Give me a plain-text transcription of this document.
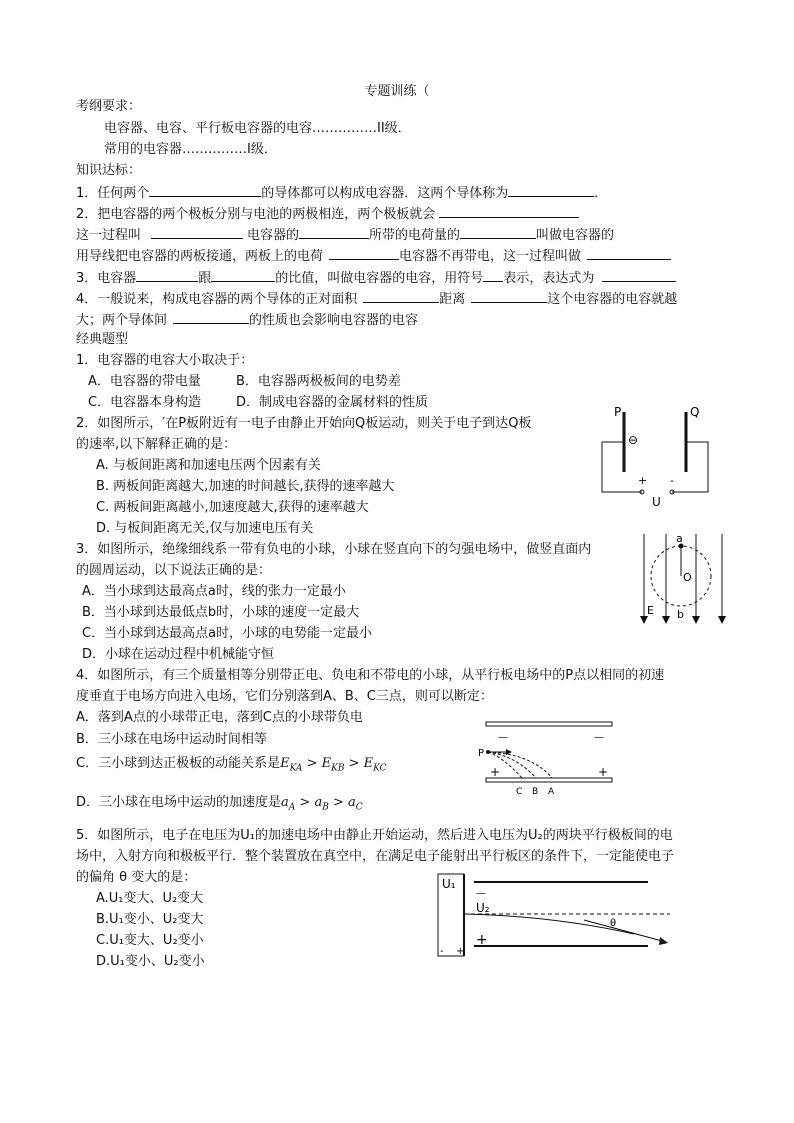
专题训练（
考纲要求：
电容器、电容、平行板电容器的电容……………II级．
常用的电容器……………I级．
知识达标：
1．任何两个	的导体都可以构成电容器．这两个导体称为	．
2．把电容器的两个极板分别与电池的两极相连，两个极板就会
这一过程叫	电容器的	所带的电荷量的	叫做电容器的
用导线把电容器的两板接通，两板上的电荷	电容器不再带电，这一过程叫做
3．电容器	跟	的比值，叫做电容器的电容，用符号 表示，表达式为
4．一般说来，构成电容器的两个导体的正对面积	距离	这个电容器的电容就越
大；两个导体间	的性质也会影响电容器的电容
经典题型
1．电容器的电容大小取决于：
A．电容器的带电量	B．电容器两极板间的电势差
C．电容器本身构造	D．制成电容器的金属材料的性质
2．如图所示，′在P板附近有一电子由静止开始向Q板运动，则关于电子到达Q板
的速率,以下解释正确的是：
A. 与板间距离和加速电压两个因素有关
B. 两板间距离越大,加速的时间越长,获得的速率越大
C. 两板间距离越小,加速度越大,获得的速率越大
D. 与板间距离无关,仅与加速电压有关
P	Q
⊖
+ -
U
3．如图所示，绝缘细线系一带有负电的小球，小球在竖直向下的匀强电场中，做竖直面内
的圆周运动，以下说法正确的是：
A．当小球到达最高点a时，线的张力一定最小
B．当小球到达最低点b时，小球的速度一定最大
C．当小球到达最高点a时，小球的电势能一定最小
D．小球在运动过程中机械能守恒
a
O
b
E
4．如图所示，有三个质量相等分别带正电、负电和不带电的小球，从平行板电场中的P点以相同的初速
度垂直于电场方向进入电场，它们分别落到A、B、C三点，则可以断定：
A．落到A点的小球带正电，落到C点的小球带负电
B．三小球在电场中运动时间相等
C．三小球到达正极板的动能关系是$E_{KA} > E_{KB} > E_{KC}$
D．三小球在电场中运动的加速度是$a_A > a_B > a_C$
—	—
P
+	+
C B A
5．如图所示，电子在电压为U₁的加速电场中由静止开始运动，然后进入电压为U₂的两块平行极板间的电
场中，入射方向和极板平行．整个装置放在真空中，在满足电子能射出平行板区的条件下，一定能使电子
的偏角 θ 变大的是：
A.U₁变大、U₂变大
B.U₁变小、U₂变大
C.U₁变大、U₂变小
D.U₁变小、U₂变小
U₁
- +
—
+
U₂
θ
